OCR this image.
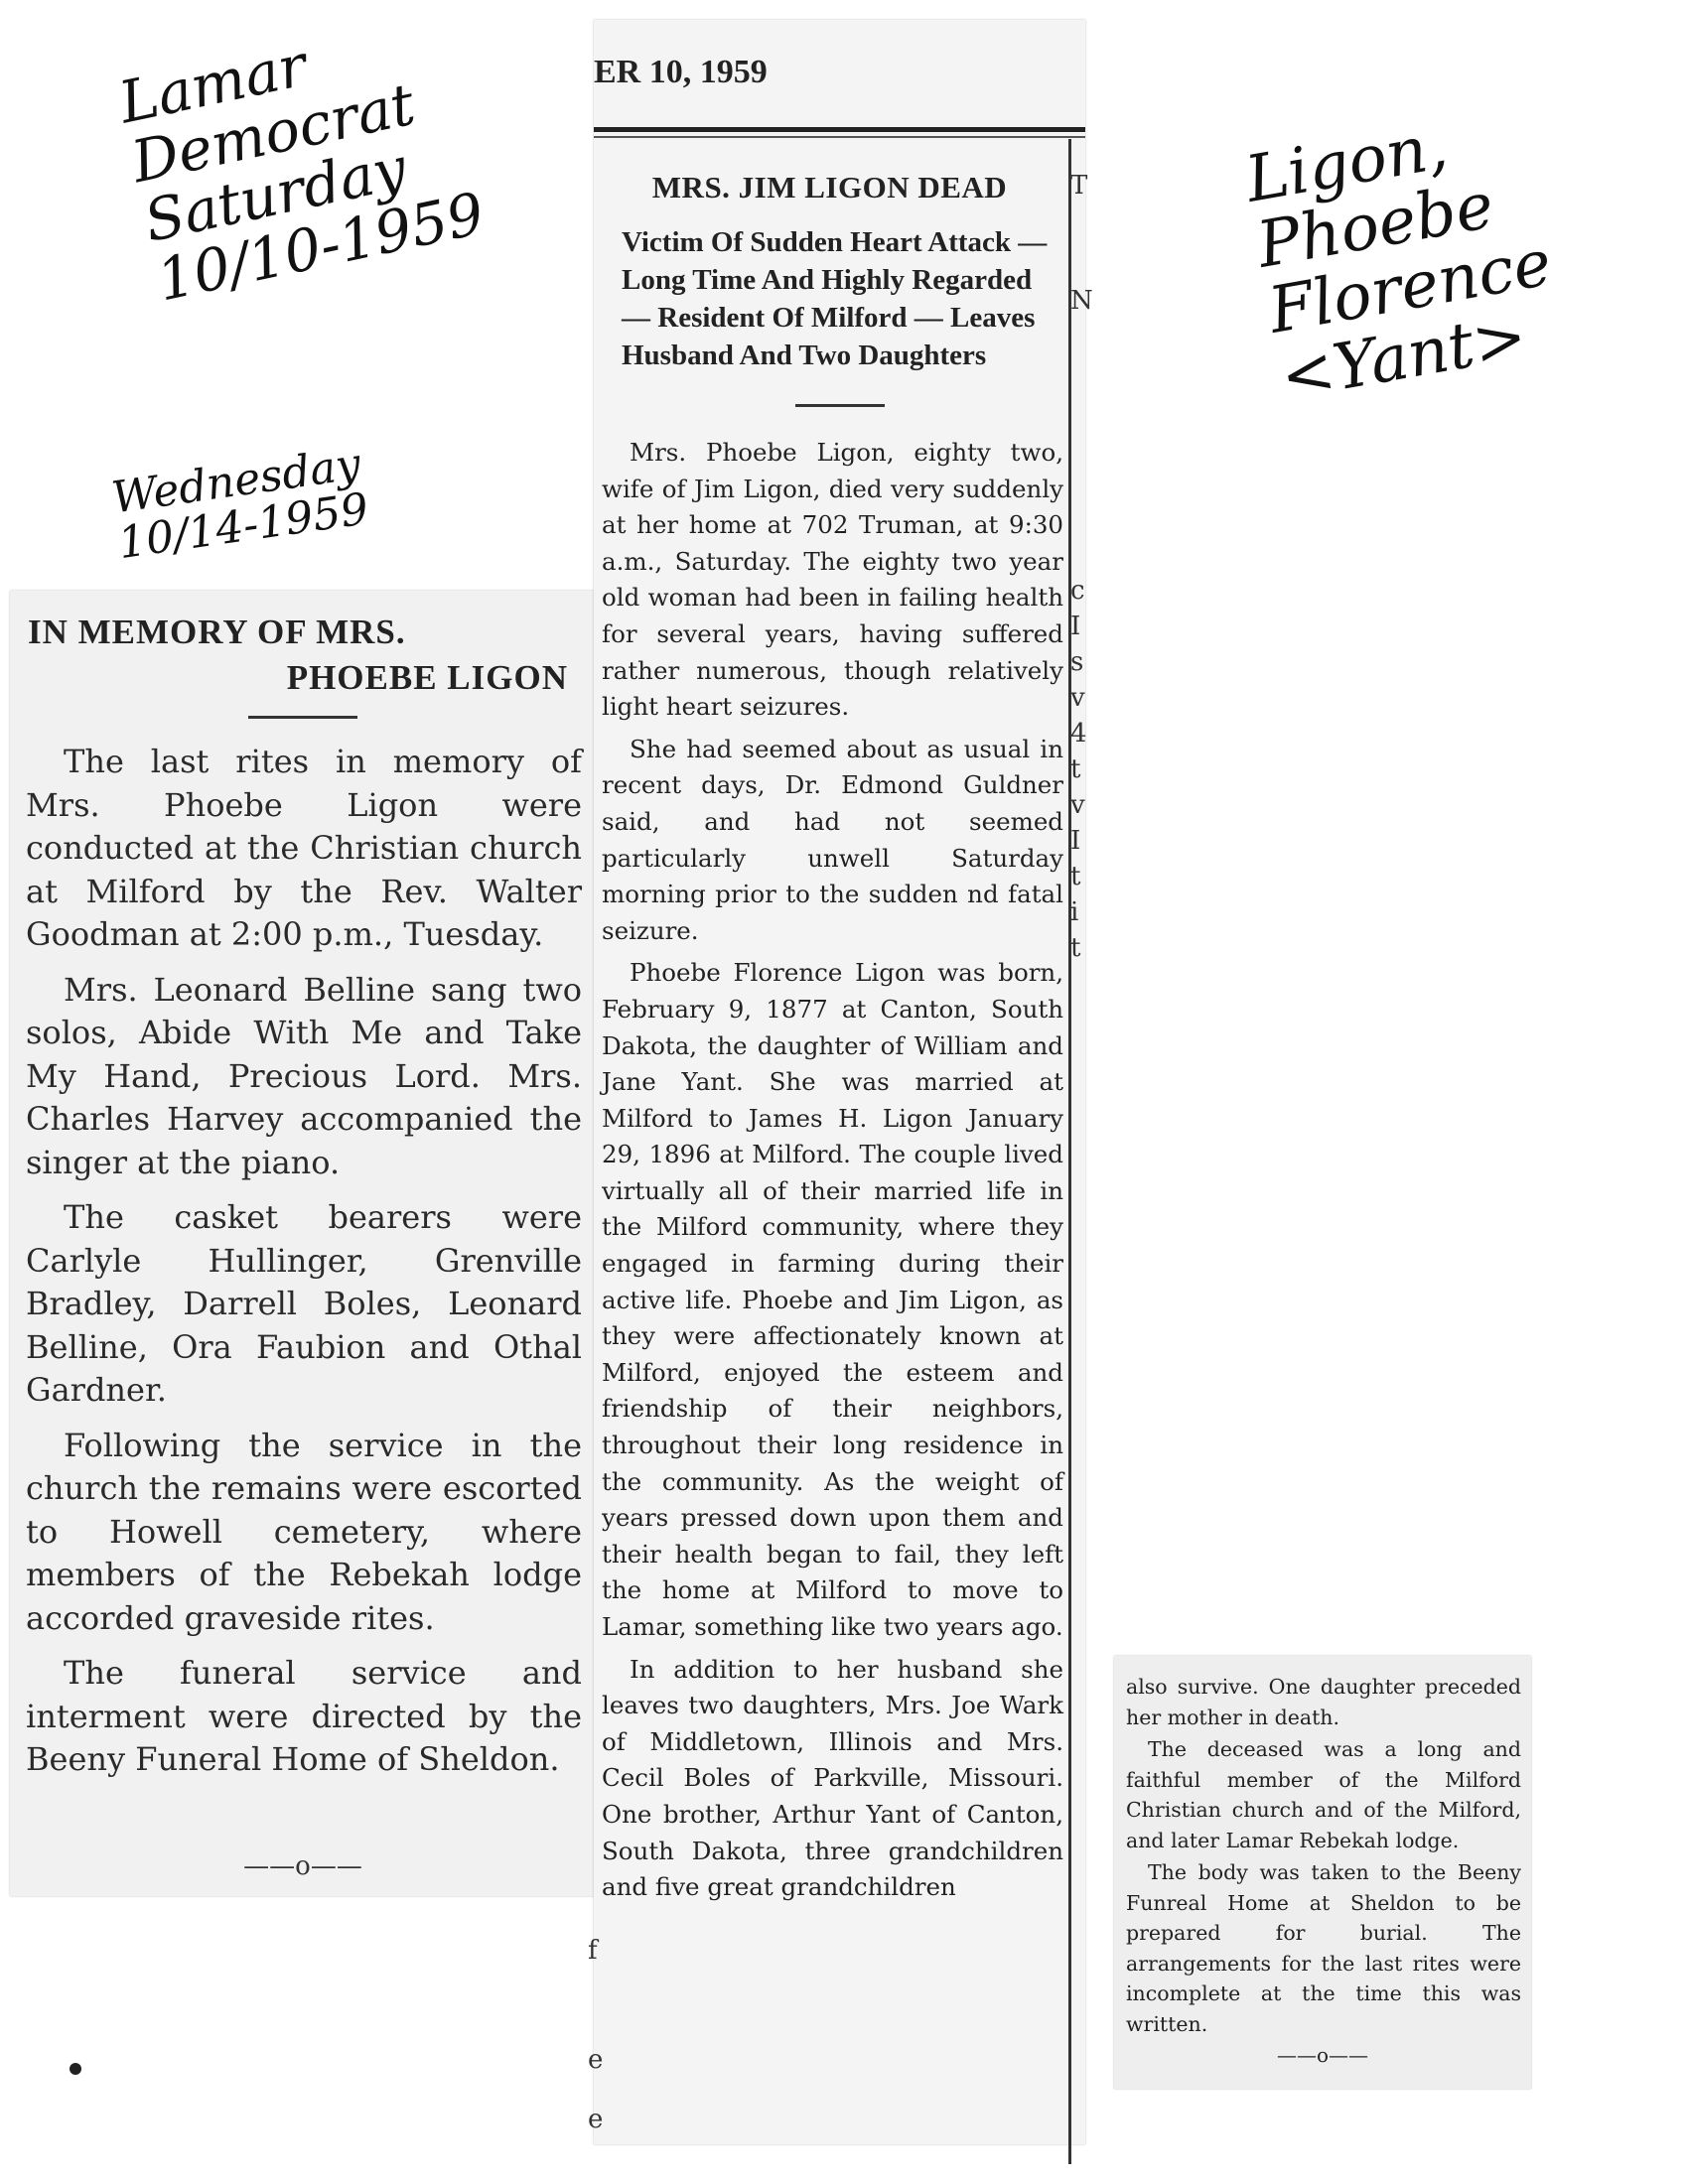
Lamar
Democrat
Saturday
10/10-1959
Ligon,
Phoebe
Florence
<Yant>
Wednesday
10/14-1959
IN MEMORY OF MRS.
PHOEBE LIGON

The last rites in memory of Mrs. Phoebe Ligon were conducted at the Christian church at Milford by the Rev. Walter Goodman at 2:00 p.m., Tuesday.

Mrs. Leonard Belline sang two solos, Abide With Me and Take My Hand, Precious Lord. Mrs. Charles Harvey accompanied the singer at the piano.

The casket bearers were Carlyle Hullinger, Grenville Bradley, Darrell Boles, Leonard Belline, Ora Faubion and Othal Gardner.

Following the service in the church the remains were escorted to Howell cemetery, where members of the Rebekah lodge accorded graveside rites.

The funeral service and interment were directed by the Beeny Funeral Home of Sheldon.

——o——
ER 10, 1959
MRS. JIM LIGON DEAD
Victim Of Sudden Heart Attack — Long Time And Highly Regarded — Resident Of Milford — Leaves Husband And Two Daughters

Mrs. Phoebe Ligon, eighty two, wife of Jim Ligon, died very suddenly at her home at 702 Truman, at 9:30 a.m., Saturday. The eighty two year old woman had been in failing health for several years, having suffered rather numerous, though relatively light heart seizures.

She had seemed about as usual in recent days, Dr. Edmond Guldner said, and had not seemed particularly unwell Saturday morning prior to the sudden nd fatal seizure.

Phoebe Florence Ligon was born, February 9, 1877 at Canton, South Dakota, the daughter of William and Jane Yant. She was married at Milford to James H. Ligon January 29, 1896 at Milford. The couple lived virtually all of their married life in the Milford community, where they engaged in farming during their active life. Phoebe and Jim Ligon, as they were affectionately known at Milford, enjoyed the esteem and friendship of their neighbors, throughout their long residence in the community. As the weight of years pressed down upon them and their health began to fail, they left the home at Milford to move to Lamar, something like two years ago.

In addition to her husband she leaves two daughters, Mrs. Joe Wark of Middletown, Illinois and Mrs. Cecil Boles of Parkville, Missouri. One brother, Arthur Yant of Canton, South Dakota, three grandchildren and five great grandchildren

T
N
c
I
s
v
4
t
v
I
t
i
t
f
e
e

also survive. One daughter preceded her mother in death.

The deceased was a long and faithful member of the Milford Christian church and of the Milford, and later Lamar Rebekah lodge.

The body was taken to the Beeny Funreal Home at Sheldon to be prepared for burial. The arrangements for the last rites were incomplete at the time this was written.

——o——
